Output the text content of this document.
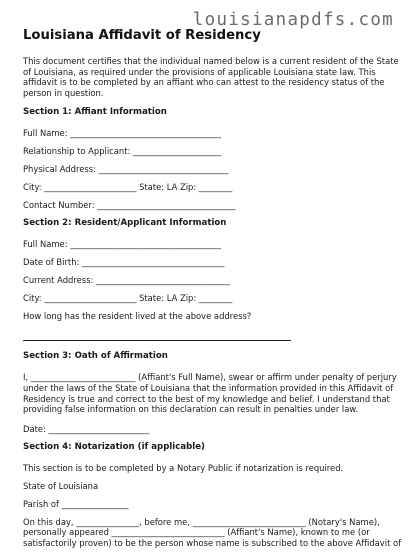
louisianapdfs.com
Louisiana Affidavit of Residency

This document certifies that the individual named below is a current resident of the State of Louisiana, as required under the provisions of applicable Louisiana state law. This affidavit is to be completed by an affiant who can attest to the residency status of the person in question.

Section 1: Affiant Information
Full Name: ____________________________________
Relationship to Applicant: _____________________
Physical Address: _______________________________
City: ______________________ State: LA Zip: ________
Contact Number: _________________________________
Section 2: Resident/Applicant Information
Full Name: ____________________________________
Date of Birth: __________________________________
Current Address: ________________________________
City: ______________________ State: LA Zip: ________
How long has the resident lived at the above address?
Section 3: Oath of Affirmation

I, _________________________ (Affiant's Full Name), swear or affirm under penalty of perjury under the laws of the State of Louisiana that the information provided in this Affidavit of Residency is true and correct to the best of my knowledge and belief. I understand that providing false information on this declaration can result in penalties under law.

Date: ________________________
Section 4: Notarization (if applicable)
This section is to be completed by a Notary Public if notarization is required.
State of Louisiana
Parish of ________________

On this day, _______________, before me, ___________________________ (Notary's Name), personally appeared ___________________________ (Affiant's Name), known to me (or satisfactorily proven) to be the person whose name is subscribed to the above Affidavit of
